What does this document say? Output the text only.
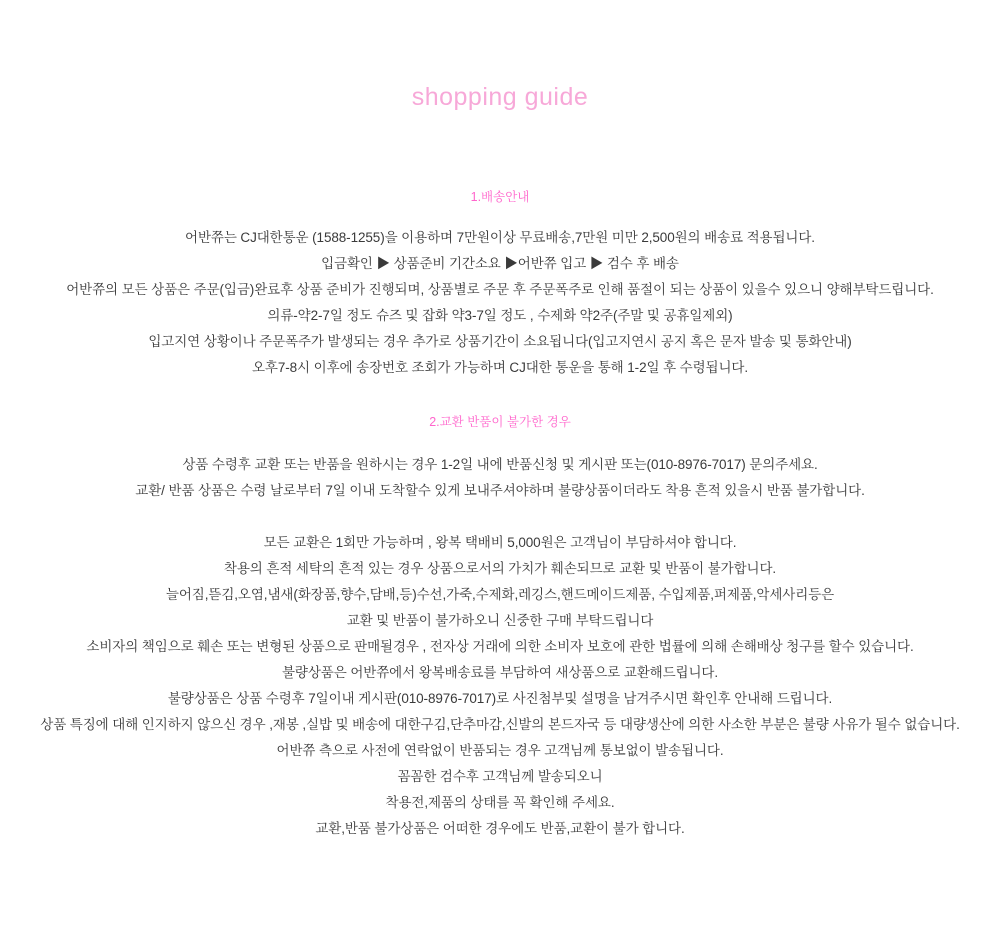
shopping guide
1.배송안내
어반쮸는 CJ대한통운 (1588-1255)을 이용하며 7만원이상 무료배송,7만원 미만 2,500원의 배송료 적용됩니다.
입금확인 ▶ 상품준비 기간소요 ▶어반쮸 입고 ▶ 검수 후 배송
어반쮸의 모든 상품은 주문(입금)완료후 상품 준비가 진행되며, 상품별로 주문 후 주문폭주로 인해 품절이 되는 상품이 있을수 있으니 양해부탁드립니다.
의류-약2-7일 정도 슈즈 및 잡화 약3-7일 정도 , 수제화 약2주(주말 및 공휴일제외)
입고지연 상황이나 주문폭주가 발생되는 경우 추가로 상품기간이 소요됩니다(입고지연시 공지 혹은 문자 발송 및 통화안내)
오후7-8시 이후에 송장번호 조회가 가능하며 CJ대한 통운을 통해 1-2일 후 수령됩니다.
2.교환 반품이 불가한 경우
상품 수령후 교환 또는 반품을 원하시는 경우 1-2일 내에 반품신청 및 게시판 또는(010-8976-7017) 문의주세요.
교환/ 반품 상품은 수령 날로부터 7일 이내 도착할수 있게 보내주셔야하며 불량상품이더라도 착용 흔적 있을시 반품 불가합니다.
모든 교환은 1회만 가능하며 , 왕복 택배비 5,000원은 고객님이 부담하셔야 합니다.
착용의 흔적 세탁의 흔적 있는 경우 상품으로서의 가치가 훼손되므로 교환 및 반품이 불가합니다.
늘어짐,뜯김,오염,냄새(화장품,향수,담배,등)수선,가죽,수제화,레깅스,핸드메이드제품, 수입제품,퍼제품,악세사리등은
교환 및 반품이 불가하오니 신중한 구매 부탁드립니다
소비자의 책임으로 훼손 또는 변형된 상품으로 판매될경우 , 전자상 거래에 의한 소비자 보호에 관한 법률에 의해 손해배상 청구를 할수 있습니다.
불량상품은 어반쮸에서 왕복배송료를 부담하여 새상품으로 교환해드립니다.
불량상품은 상품 수령후 7일이내 게시판(010-8976-7017)로 사진첨부및 설명을 남겨주시면 확인후 안내해 드립니다.
상품 특징에 대해 인지하지 않으신 경우 ,재봉 ,실밥 및 배송에 대한구김,단추마감,신발의 본드자국 등 대량생산에 의한 사소한 부분은 불량 사유가 될수 없습니다.
어반쮸 측으로 사전에 연락없이 반품되는 경우 고객님께 통보없이 발송됩니다.
꼼꼼한 검수후 고객님께 발송되오니
착용전,제품의 상태를 꼭 확인해 주세요.
교환,반품 불가상품은 어떠한 경우에도 반품,교환이 불가 합니다.
